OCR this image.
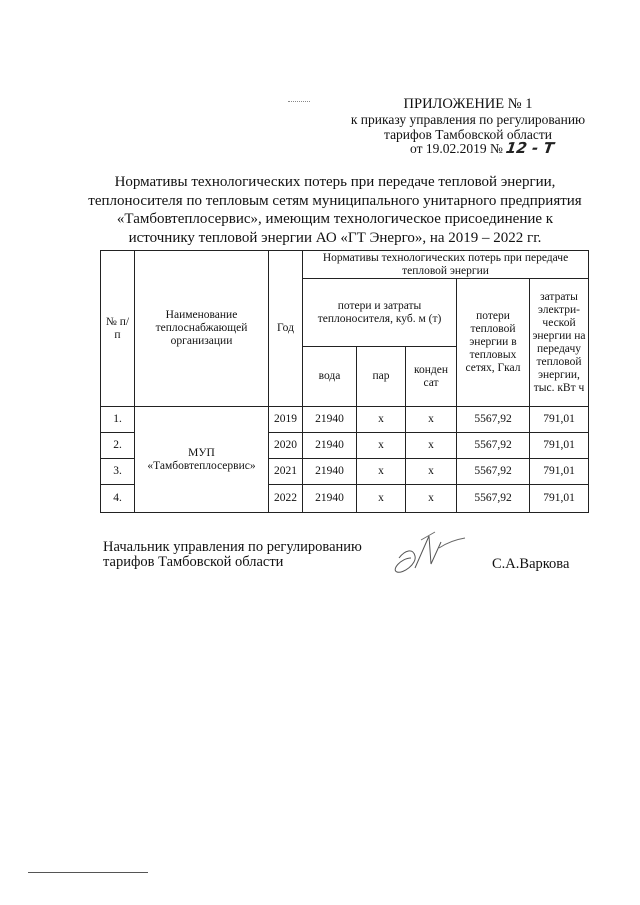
ПРИЛОЖЕНИЕ № 1
к приказу управления по регулированию
тарифов Тамбовской области
от 19.02.2019 № 12 - Т
Нормативы технологических потерь при передаче тепловой энергии,
теплоносителя по тепловым сетям муниципального унитарного предприятия
«Тамбовтеплосервис», имеющим технологическое присоединение к
источнику тепловой энергии АО «ГТ Энерго», на 2019 – 2022 гг.
№ п/п	Наименование теплоснабжающей организации	Год	Нормативы технологических потерь при передаче тепловой энергии				
			потери и затраты теплоносителя, куб. м (т)			потери тепловой энергии в тепловых сетях, Гкал	затраты электри-ческой энергии на передачу тепловой энергии, тыс. кВт ч
			вода	пар	конден сат		
1.	МУП «Тамбовтеплосервис»	2019	21940	х	х	5567,92	791,01
2.		2020	21940	х	х	5567,92	791,01
3.		2021	21940	х	х	5567,92	791,01
4.		2022	21940	х	х	5567,92	791,01
Начальник управления по регулированию
тарифов Тамбовской области	С.А.Варкова
